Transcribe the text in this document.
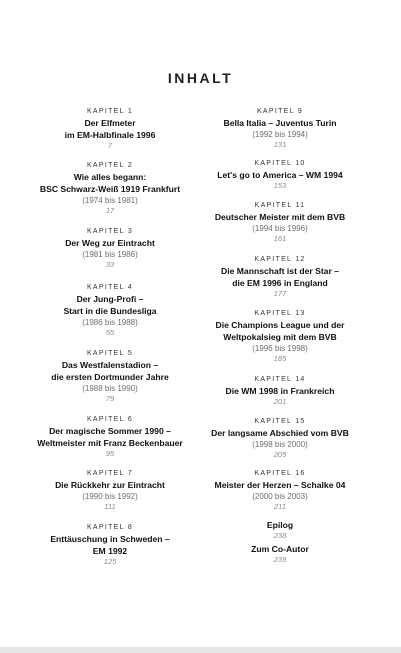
INHALT
KAPITEL 1
Der Elfmeter
im EM-Halbfinale 1996
7
KAPITEL 2
Wie alles begann:
BSC Schwarz-Weiß 1919 Frankfurt
(1974 bis 1981)
17
KAPITEL 3
Der Weg zur Eintracht
(1981 bis 1986)
33
KAPITEL 4
Der Jung-Profi –
Start in die Bundesliga
(1986 bis 1988)
55
KAPITEL 5
Das Westfalenstadion –
die ersten Dortmunder Jahre
(1988 bis 1990)
79
KAPITEL 6
Der magische Sommer 1990 –
Weltmeister mit Franz Beckenbauer
95
KAPITEL 7
Die Rückkehr zur Eintracht
(1990 bis 1992)
111
KAPITEL 8
Enttäuschung in Schweden –
EM 1992
125
KAPITEL 9
Bella Italia – Juventus Turin
(1992 bis 1994)
131
KAPITEL 10
Let's go to America – WM 1994
153
KAPITEL 11
Deutscher Meister mit dem BVB
(1994 bis 1996)
161
KAPITEL 12
Die Mannschaft ist der Star –
die EM 1996 in England
177
KAPITEL 13
Die Champions League und der
Weltpokalsieg mit dem BVB
(1996 bis 1998)
185
KAPITEL 14
Die WM 1998 in Frankreich
201
KAPITEL 15
Der langsame Abschied vom BVB
(1998 bis 2000)
205
KAPITEL 16
Meister der Herzen – Schalke 04
(2000 bis 2003)
211
Epilog
238
Zum Co-Autor
239
